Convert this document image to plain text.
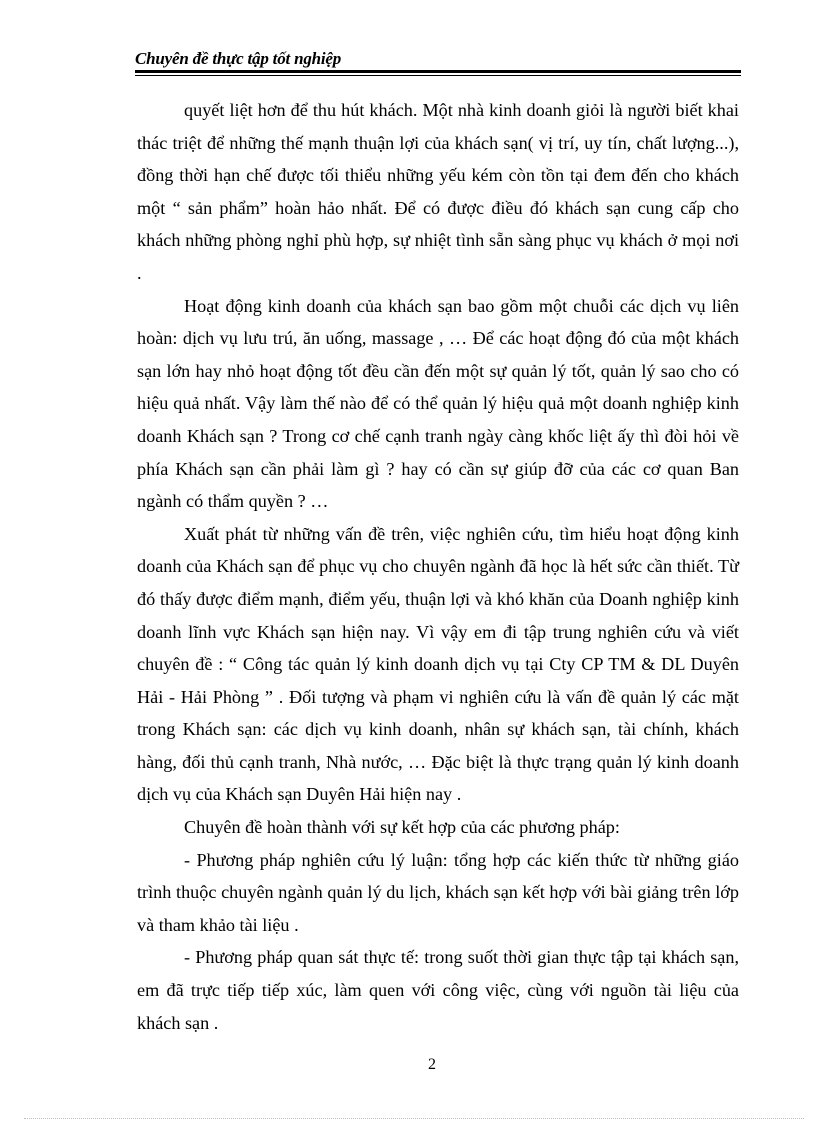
Chuyên đề thực tập tốt nghiệp

quyết liệt hơn để thu hút khách. Một nhà kinh doanh giỏi là người biết khai thác triệt để những thế mạnh thuận lợi của khách sạn( vị trí, uy tín, chất lượng...), đồng thời hạn chế được tối thiểu những yếu kém còn tồn tại đem đến cho khách một “ sản phẩm” hoàn hảo nhất. Để có được điều đó khách sạn cung cấp cho khách những phòng nghỉ phù hợp, sự nhiệt tình sẵn sàng phục vụ khách ở mọi nơi .

Hoạt động kinh doanh của khách sạn bao gồm một chuỗi các dịch vụ liên hoàn: dịch vụ lưu trú, ăn uống, massage , … Để các hoạt động đó của một khách sạn lớn hay nhỏ hoạt động tốt đều cần đến một sự quản lý tốt, quản lý sao cho có hiệu quả nhất. Vậy làm thế nào để có thể quản lý hiệu quả một doanh nghiệp kinh doanh Khách sạn ? Trong cơ chế cạnh tranh ngày càng khốc liệt ấy thì đòi hỏi về phía Khách sạn cần phải làm gì ? hay có cần sự giúp đỡ của các cơ quan Ban ngành có thẩm quyền ? …

Xuất phát từ những vấn đề trên, việc nghiên cứu, tìm hiểu hoạt động kinh doanh của Khách sạn để phục vụ cho chuyên ngành đã học là hết sức cần thiết. Từ đó thấy được điểm mạnh, điểm yếu, thuận lợi và khó khăn của Doanh nghiệp kinh doanh lĩnh vực Khách sạn hiện nay. Vì vậy em đi tập trung nghiên cứu và viết chuyên đề : “ Công tác quản lý kinh doanh dịch vụ tại Cty CP TM & DL Duyên Hải - Hải Phòng ” . Đối tượng và phạm vi nghiên cứu là vấn đề quản lý các mặt trong Khách sạn: các dịch vụ kinh doanh, nhân sự khách sạn, tài chính, khách hàng, đối thủ cạnh tranh, Nhà nước, … Đặc biệt là thực trạng quản lý kinh doanh dịch vụ của Khách sạn Duyên Hải hiện nay .

Chuyên đề hoàn thành với sự kết hợp của các phương pháp:

- Phương pháp nghiên cứu lý luận: tổng hợp các kiến thức từ những giáo trình thuộc chuyên ngành quản lý du lịch, khách sạn kết hợp với bài giảng trên lớp và tham khảo tài liệu .

- Phương pháp quan sát thực tế: trong suốt thời gian thực tập tại khách sạn, em đã trực tiếp tiếp xúc, làm quen với công việc, cùng với nguồn tài liệu của khách sạn .

2
